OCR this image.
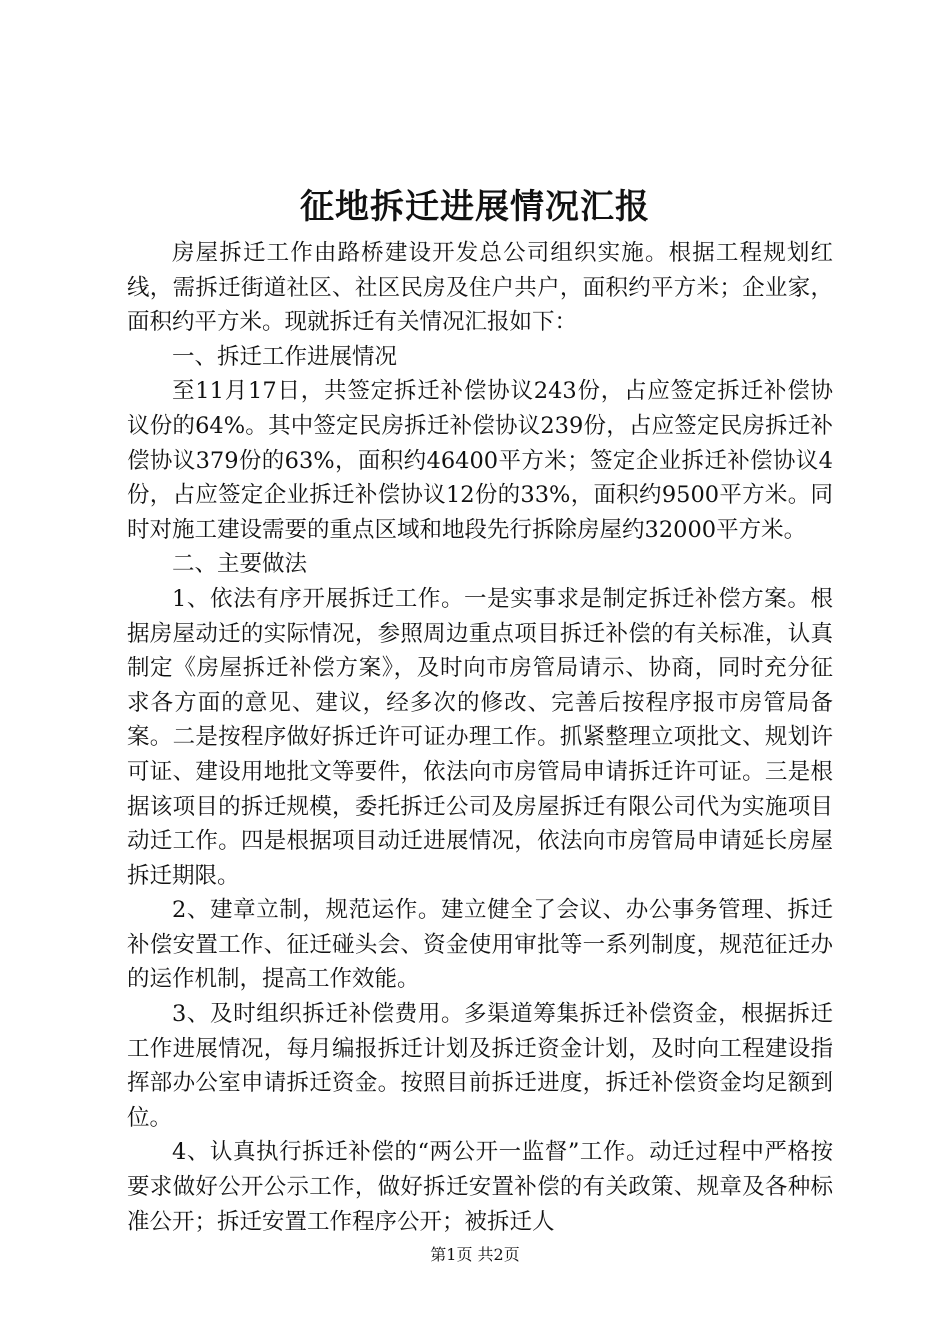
征地拆迁进展情况汇报

房屋拆迁工作由路桥建设开发总公司组织实施。根据工程规划红线，需拆迁街道社区、社区民房及住户共户，面积约平方米；企业家，面积约平方米。现就拆迁有关情况汇报如下：

一、拆迁工作进展情况

至11月17日，共签定拆迁补偿协议243份，占应签定拆迁补偿协议份的64%。其中签定民房拆迁补偿协议239份，占应签定民房拆迁补偿协议379份的63%，面积约46400平方米；签定企业拆迁补偿协议4份，占应签定企业拆迁补偿协议12份的33%，面积约9500平方米。同时对施工建设需要的重点区域和地段先行拆除房屋约32000平方米。

二、主要做法

1、依法有序开展拆迁工作。一是实事求是制定拆迁补偿方案。根据房屋动迁的实际情况，参照周边重点项目拆迁补偿的有关标准，认真制定《房屋拆迁补偿方案》，及时向市房管局请示、协商，同时充分征求各方面的意见、建议，经多次的修改、完善后按程序报市房管局备案。二是按程序做好拆迁许可证办理工作。抓紧整理立项批文、规划许可证、建设用地批文等要件，依法向市房管局申请拆迁许可证。三是根据该项目的拆迁规模，委托拆迁公司及房屋拆迁有限公司代为实施项目动迁工作。四是根据项目动迁进展情况，依法向市房管局申请延长房屋拆迁期限。

2、建章立制，规范运作。建立健全了会议、办公事务管理、拆迁补偿安置工作、征迁碰头会、资金使用审批等一系列制度，规范征迁办的运作机制，提高工作效能。

3、及时组织拆迁补偿费用。多渠道筹集拆迁补偿资金，根据拆迁工作进展情况，每月编报拆迁计划及拆迁资金计划，及时向工程建设指挥部办公室申请拆迁资金。按照目前拆迁进度，拆迁补偿资金均足额到位。

4、认真执行拆迁补偿的“两公开一监督”工作。动迁过程中严格按要求做好公开公示工作，做好拆迁安置补偿的有关政策、规章及各种标准公开；拆迁安置工作程序公开；被拆迁人

第1页 共2页
